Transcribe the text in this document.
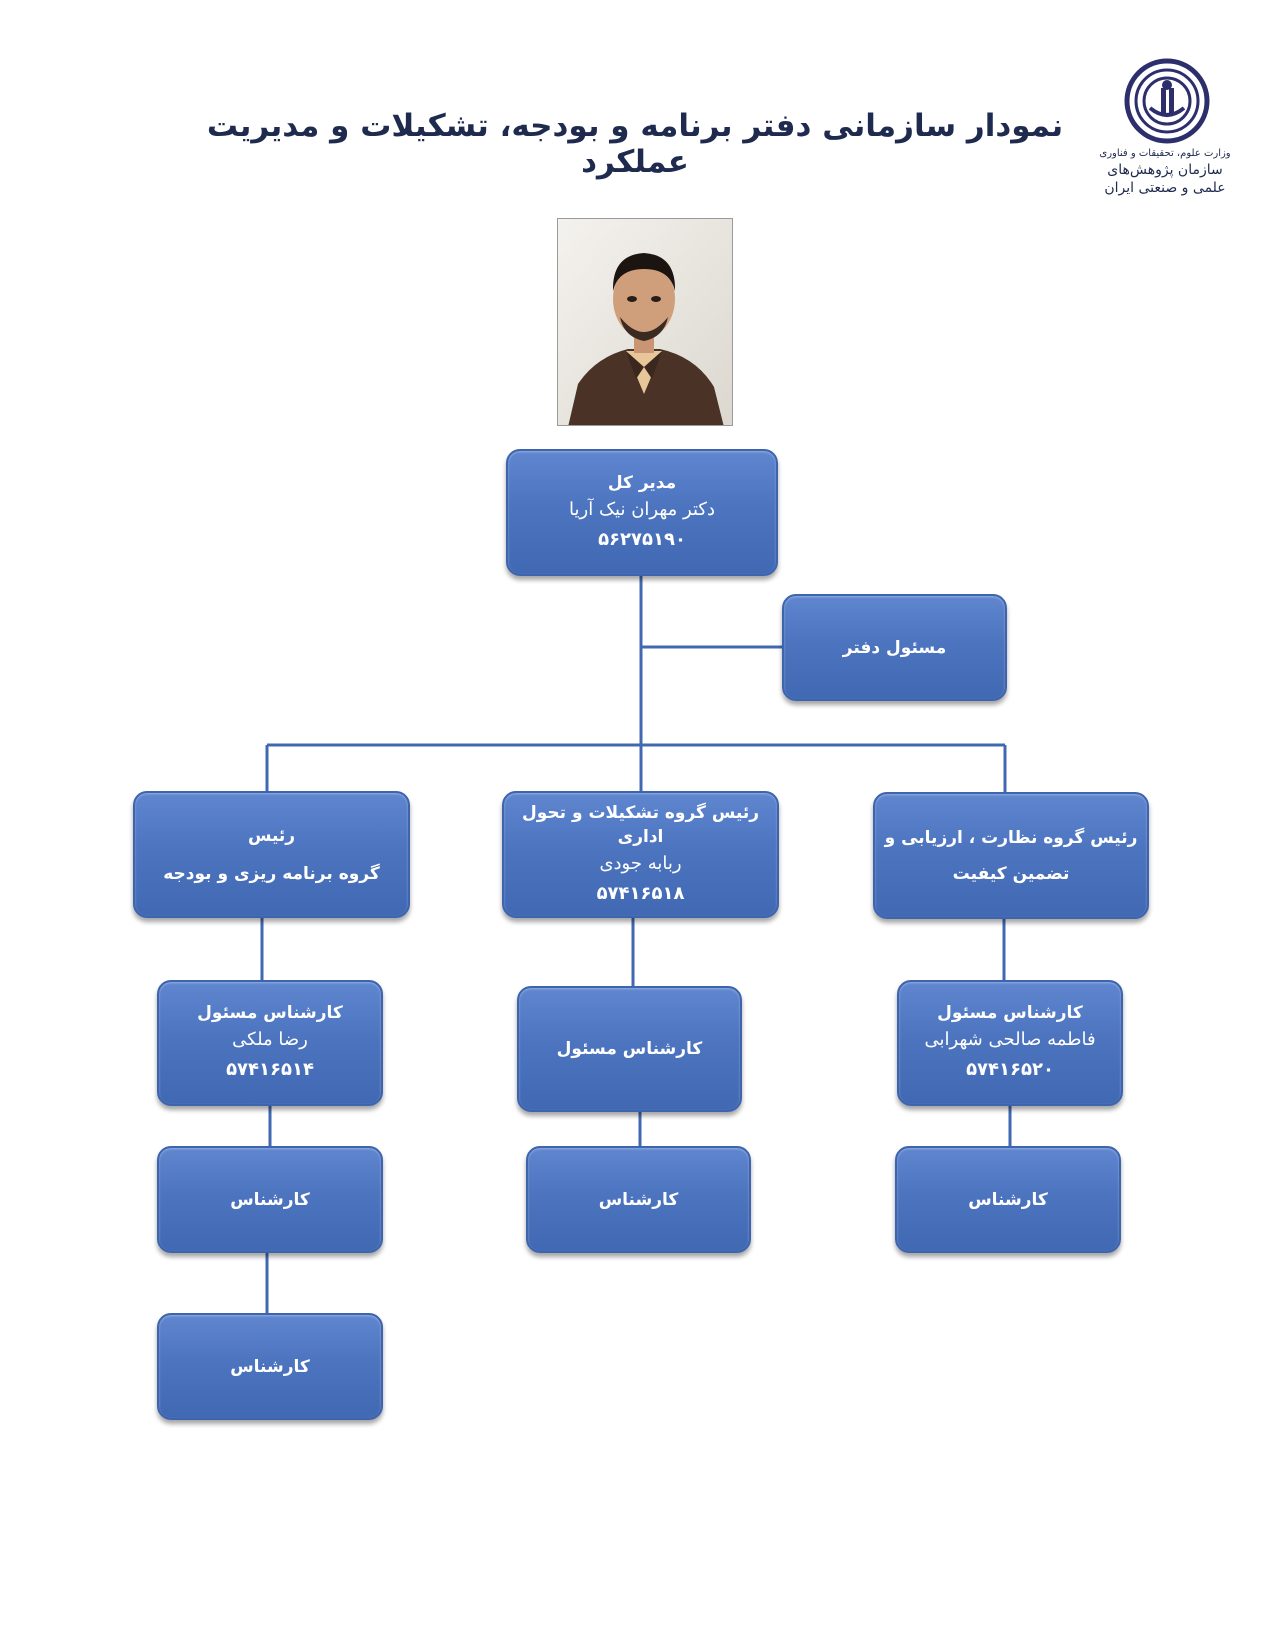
نمودار سازمانی دفتر برنامه و بودجه، تشکیلات و مدیریت عملکرد	وزارت علوم، تحقیقات و فناوری
سازمان پژوهش‌های
علمی و صنعتی ایران
مدیر کل
دکتر مهران نیک آریا
۵۶۲۷۵۱۹۰
مسئول دفتر
رئیس
گروه برنامه ریزی و بودجه
رئیس گروه تشکیلات و تحول اداری
ربابه جودی
۵۷۴۱۶۵۱۸
رئیس گروه نظارت ، ارزیابی و
تضمین کیفیت
کارشناس مسئول
رضا ملکی
۵۷۴۱۶۵۱۴
کارشناس مسئول
کارشناس مسئول
فاطمه صالحی شهرابی
۵۷۴۱۶۵۲۰
کارشناس	کارشناس	کارشناس
کارشناس
